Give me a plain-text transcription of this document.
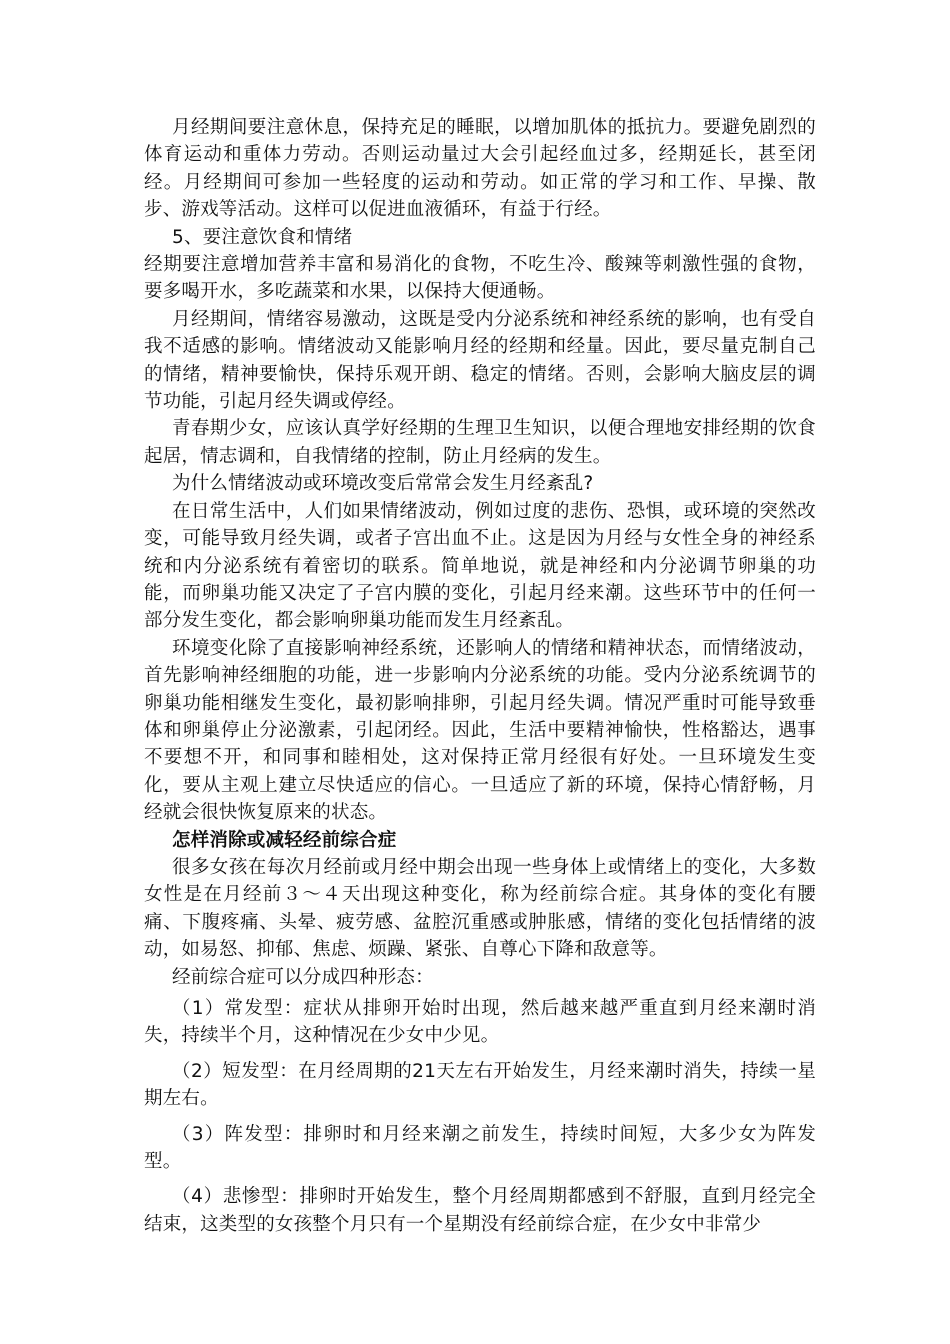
月经期间要注意休息，保持充足的睡眠，以增加肌体的抵抗力。要避免剧烈的体育运动和重体力劳动。否则运动量过大会引起经血过多，经期延长，甚至闭经。月经期间可参加一些轻度的运动和劳动。如正常的学习和工作、早操、散步、游戏等活动。这样可以促进血液循环，有益于行经。

5、要注意饮食和情绪

经期要注意增加营养丰富和易消化的食物，不吃生冷、酸辣等刺激性强的食物，要多喝开水，多吃蔬菜和水果，以保持大便通畅。

月经期间，情绪容易激动，这既是受内分泌系统和神经系统的影响，也有受自我不适感的影响。情绪波动又能影响月经的经期和经量。因此，要尽量克制自己的情绪，精神要愉快，保持乐观开朗、稳定的情绪。否则，会影响大脑皮层的调节功能，引起月经失调或停经。

青春期少女，应该认真学好经期的生理卫生知识，以便合理地安排经期的饮食起居，情志调和，自我情绪的控制，防止月经病的发生。

为什么情绪波动或环境改变后常常会发生月经紊乱?

在日常生活中，人们如果情绪波动，例如过度的悲伤、恐惧，或环境的突然改变，可能导致月经失调，或者子宫出血不止。这是因为月经与女性全身的神经系统和内分泌系统有着密切的联系。简单地说，就是神经和内分泌调节卵巢的功能，而卵巢功能又决定了子宫内膜的变化，引起月经来潮。这些环节中的任何一部分发生变化，都会影响卵巢功能而发生月经紊乱。

环境变化除了直接影响神经系统，还影响人的情绪和精神状态，而情绪波动，首先影响神经细胞的功能，进一步影响内分泌系统的功能。受内分泌系统调节的卵巢功能相继发生变化，最初影响排卵，引起月经失调。情况严重时可能导致垂体和卵巢停止分泌激素，引起闭经。因此，生活中要精神愉快，性格豁达，遇事不要想不开，和同事和睦相处，这对保持正常月经很有好处。一旦环境发生变化，要从主观上建立尽快适应的信心。一旦适应了新的环境，保持心情舒畅，月经就会很快恢复原来的状态。

怎样消除或减轻经前综合症

很多女孩在每次月经前或月经中期会出现一些身体上或情绪上的变化，大多数女性是在月经前３～４天出现这种变化，称为经前综合症。其身体的变化有腰痛、下腹疼痛、头晕、疲劳感、盆腔沉重感或肿胀感，情绪的变化包括情绪的波动，如易怒、抑郁、焦虑、烦躁、紧张、自尊心下降和敌意等。

经前综合症可以分成四种形态：

（1）常发型：症状从排卵开始时出现，然后越来越严重直到月经来潮时消失，持续半个月，这种情况在少女中少见。

（2）短发型：在月经周期的21天左右开始发生，月经来潮时消失，持续一星期左右。

（3）阵发型：排卵时和月经来潮之前发生，持续时间短，大多少女为阵发型。

（4）悲惨型：排卵时开始发生，整个月经周期都感到不舒服，直到月经完全结束，这类型的女孩整个月只有一个星期没有经前综合症，在少女中非常少
